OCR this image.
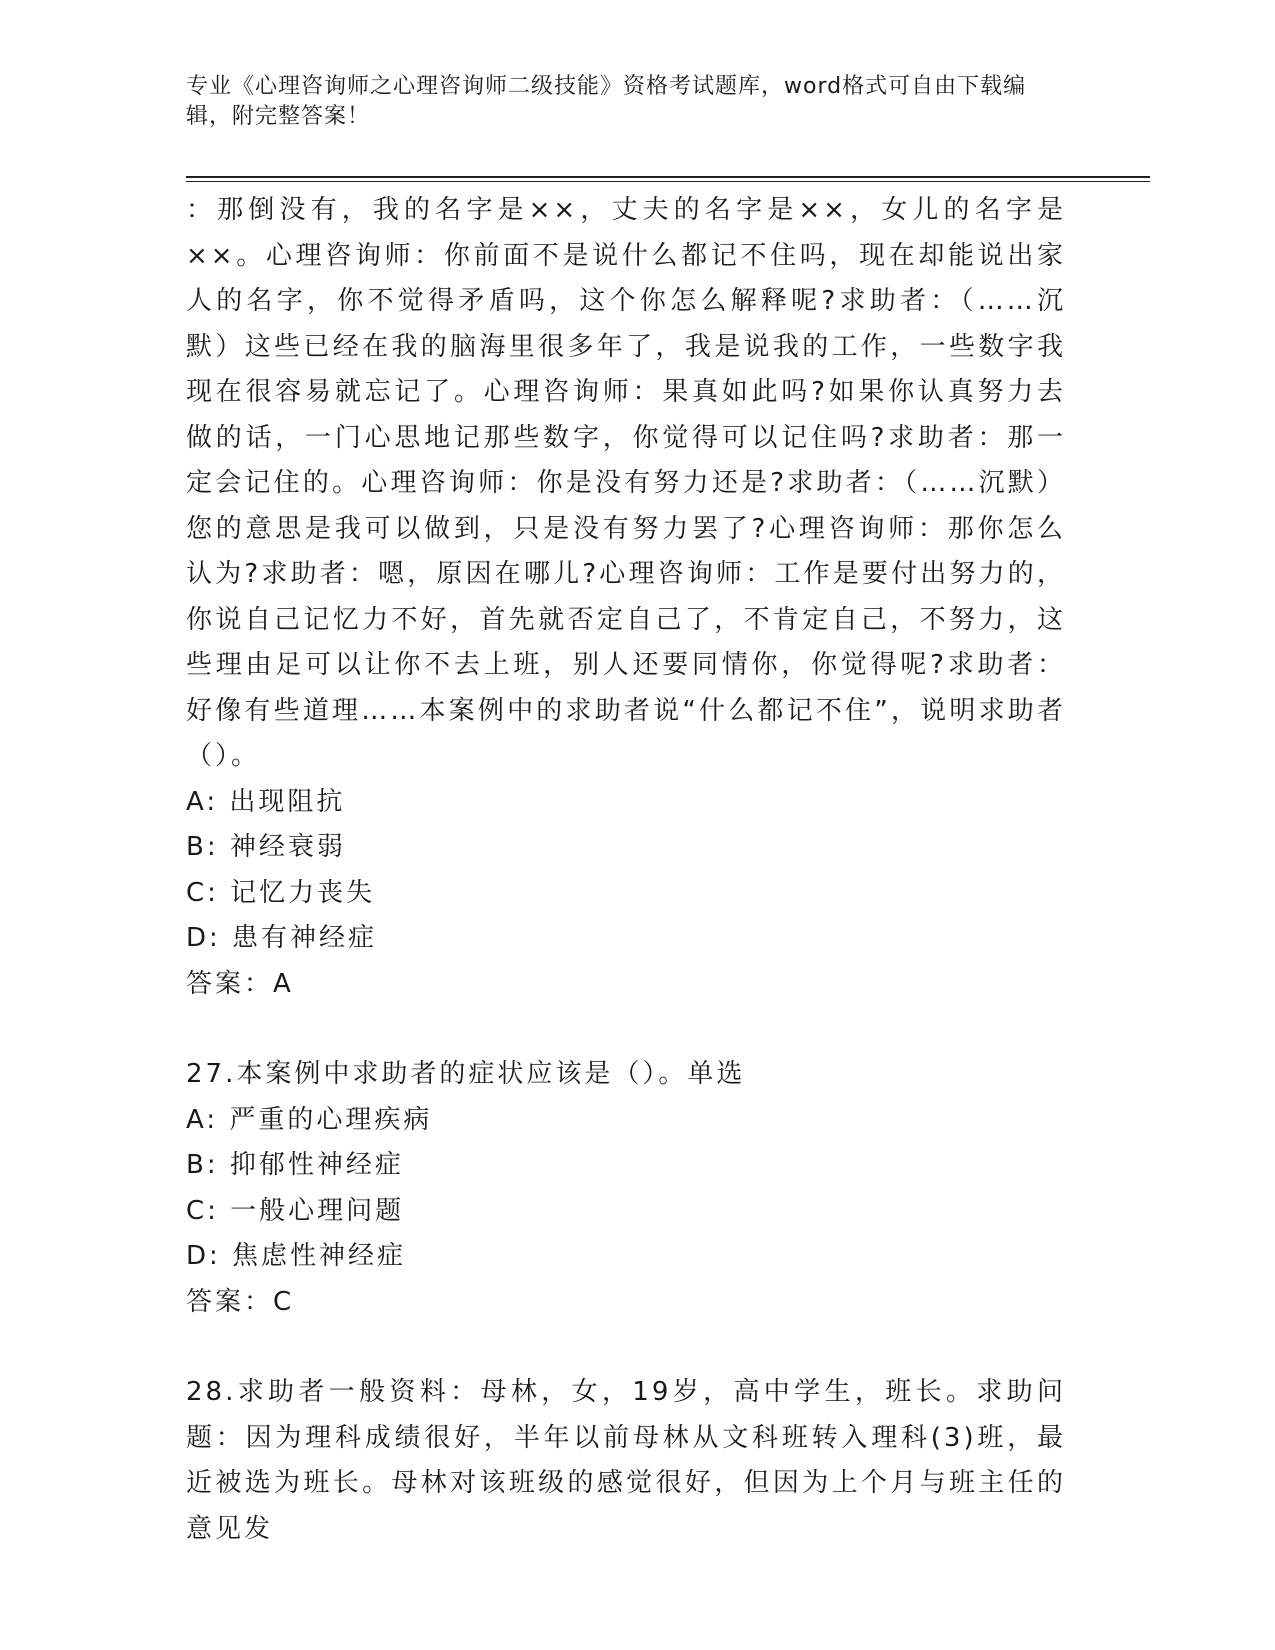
专业《心理咨询师之心理咨询师二级技能》资格考试题库，word格式可自由下载编辑，附完整答案！

：那倒没有，我的名字是××，丈夫的名字是××，女儿的名字是××。心理咨询师：你前面不是说什么都记不住吗，现在却能说出家人的名字，你不觉得矛盾吗，这个你怎么解释呢?求助者：（……沉默）这些已经在我的脑海里很多年了，我是说我的工作，一些数字我现在很容易就忘记了。心理咨询师：果真如此吗?如果你认真努力去做的话，一门心思地记那些数字，你觉得可以记住吗?求助者：那一定会记住的。心理咨询师：你是没有努力还是?求助者：（……沉默）您的意思是我可以做到，只是没有努力罢了?心理咨询师：那你怎么认为?求助者：嗯，原因在哪儿?心理咨询师：工作是要付出努力的，你说自己记忆力不好，首先就否定自己了，不肯定自己，不努力，这些理由足可以让你不去上班，别人还要同情你，你觉得呢?求助者：好像有些道理……本案例中的求助者说“什么都记不住”，说明求助者（）。

A: 出现阻抗

B: 神经衰弱

C: 记忆力丧失

D: 患有神经症

答案：A

27.本案例中求助者的症状应该是（）。单选

A: 严重的心理疾病

B: 抑郁性神经症

C: 一般心理问题

D: 焦虑性神经症

答案：C

28.求助者一般资料：母林，女，19岁，高中学生，班长。求助问题：因为理科成绩很好，半年以前母林从文科班转入理科(3)班，最近被选为班长。母林对该班级的感觉很好，但因为上个月与班主任的意见发
